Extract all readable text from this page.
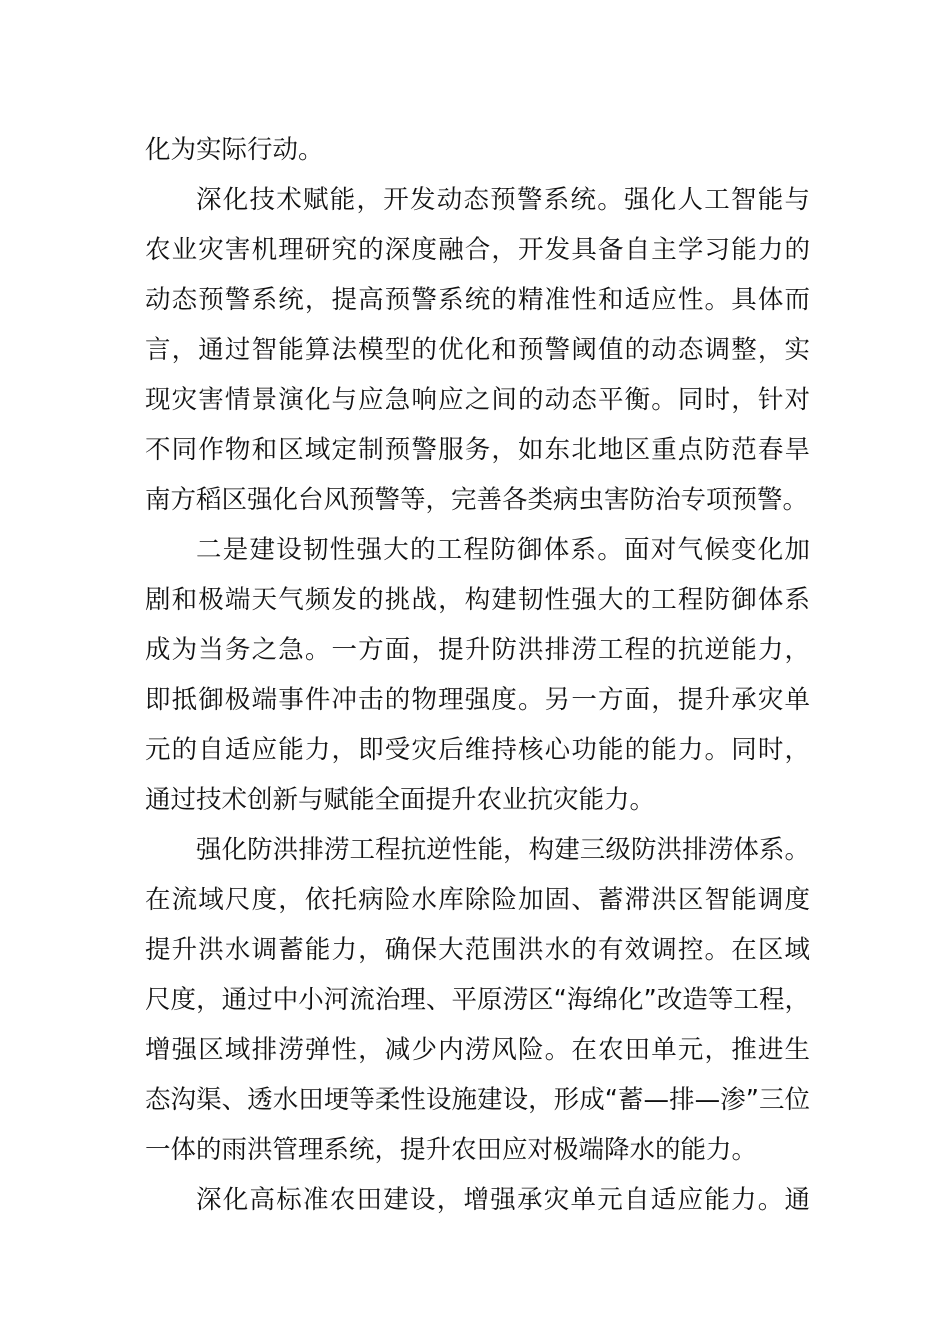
化为实际行动。
深化技术赋能，开发动态预警系统。强化人工智能与
农业灾害机理研究的深度融合，开发具备自主学习能力的
动态预警系统，提高预警系统的精准性和适应性。具体而
言，通过智能算法模型的优化和预警阈值的动态调整，实
现灾害情景演化与应急响应之间的动态平衡。同时，针对
不同作物和区域定制预警服务，如东北地区重点防范春旱
南方稻区强化台风预警等，完善各类病虫害防治专项预警。
二是建设韧性强大的工程防御体系。面对气候变化加
剧和极端天气频发的挑战，构建韧性强大的工程防御体系
成为当务之急。一方面，提升防洪排涝工程的抗逆能力，
即抵御极端事件冲击的物理强度。另一方面，提升承灾单
元的自适应能力，即受灾后维持核心功能的能力。同时，
通过技术创新与赋能全面提升农业抗灾能力。
强化防洪排涝工程抗逆性能，构建三级防洪排涝体系。
在流域尺度，依托病险水库除险加固、蓄滞洪区智能调度
提升洪水调蓄能力，确保大范围洪水的有效调控。在区域
尺度，通过中小河流治理、平原涝区“海绵化”改造等工程，
增强区域排涝弹性，减少内涝风险。在农田单元，推进生
态沟渠、透水田埂等柔性设施建设，形成“蓄—排—渗”三位
一体的雨洪管理系统，提升农田应对极端降水的能力。
深化高标准农田建设，增强承灾单元自适应能力。通
